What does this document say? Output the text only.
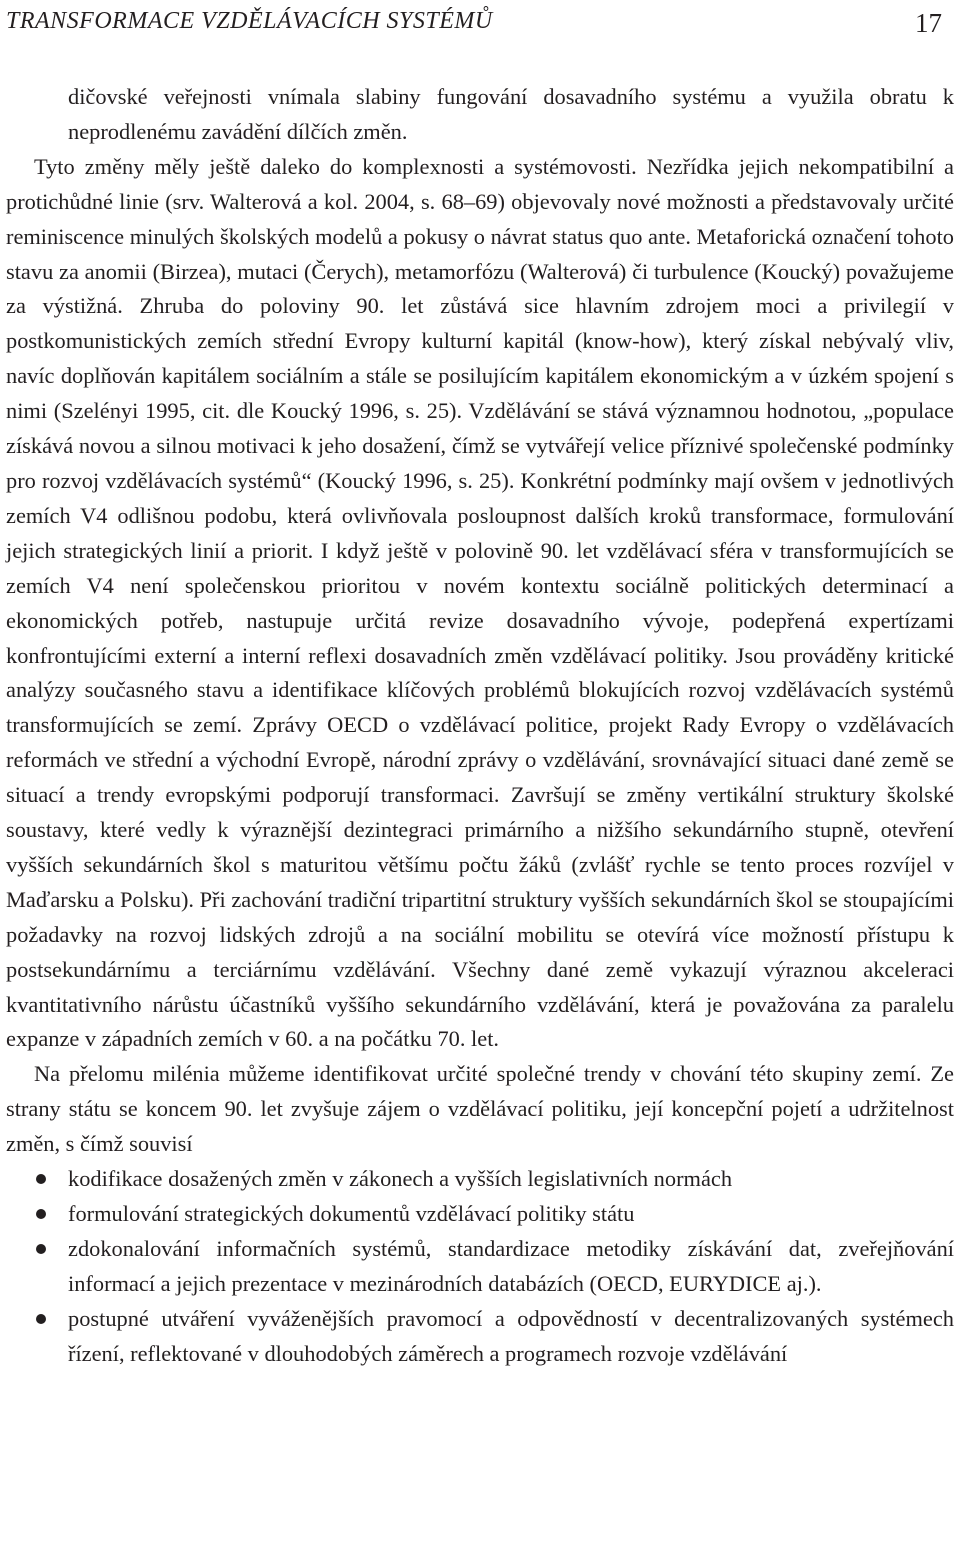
TRANSFORMACE VZDĚLÁVACÍCH SYSTÉMŮ	17

dičovské veřejnosti vnímala slabiny fungování dosavadního systému a využila obratu k neprodlenému zavádění dílčích změn.

Tyto změny měly ještě daleko do komplexnosti a systémovosti. Nezřídka jejich nekompatibilní a protichůdné linie (srv. Walterová a kol. 2004, s. 68–69) objevovaly nové možnosti a představovaly určité reminiscence minulých školských modelů a pokusy o návrat status quo ante. Metaforická označení tohoto stavu za anomii (Birzea), mutaci (Čerych), metamorfózu (Walterová) či turbulence (Koucký) považujeme za výstižná. Zhruba do poloviny 90. let zůstává sice hlavním zdrojem moci a privilegií v postkomunistických zemích střední Evropy kulturní kapitál (know-how), který získal nebývalý vliv, navíc doplňován kapitálem sociálním a stále se posilujícím kapitálem ekonomickým a v úzkém spojení s nimi (Szelényi 1995, cit. dle Koucký 1996, s. 25). Vzdělávání se stává významnou hodnotou, „populace získává novou a silnou motivaci k jeho dosažení, čímž se vytvářejí velice příznivé společenské podmínky pro rozvoj vzdělávacích systémů“ (Koucký 1996, s. 25). Konkrétní podmínky mají ovšem v jednotlivých zemích V4 odlišnou podobu, která ovlivňovala posloupnost dalších kroků transformace, formulování jejich strategických linií a priorit. I když ještě v polovině 90. let vzdělávací sféra v transformujících se zemích V4 není společenskou prioritou v novém kontextu sociálně politických determinací a ekonomických potřeb, nastupuje určitá revize dosavadního vývoje, podepřená expertízami konfrontujícími externí a interní reflexi dosavadních změn vzdělávací politiky. Jsou prováděny kritické analýzy současného stavu a identifikace klíčových problémů blokujících rozvoj vzdělávacích systémů transformujících se zemí. Zprávy OECD o vzdělávací politice, projekt Rady Evropy o vzdělávacích reformách ve střední a východní Evropě, národní zprávy o vzdělávání, srovnávající situaci dané země se situací a trendy evropskými podporují transformaci. Završují se změny vertikální struktury školské soustavy, které vedly k výraznější dezintegraci primárního a nižšího sekundárního stupně, otevření vyšších sekundárních škol s maturitou většímu počtu žáků (zvlášť rychle se tento proces rozvíjel v Maďarsku a Polsku). Při zachování tradiční tripartitní struktury vyšších sekundárních škol se stoupajícími požadavky na rozvoj lidských zdrojů a na sociální mobilitu se otevírá více možností přístupu k postsekundárnímu a terciárnímu vzdělávání. Všechny dané země vykazují výraznou akceleraci kvantitativního nárůstu účastníků vyššího sekundárního vzdělávání, která je považována za paralelu expanze v západních zemích v 60. a na počátku 70. let.

Na přelomu milénia můžeme identifikovat určité společné trendy v chování této skupiny zemí. Ze strany státu se koncem 90. let zvyšuje zájem o vzdělávací politiku, její koncepční pojetí a udržitelnost změn, s čímž souvisí

kodifikace dosažených změn v zákonech a vyšších legislativních normách
formulování strategických dokumentů vzdělávací politiky státu
zdokonalování informačních systémů, standardizace metodiky získávání dat, zveřejňování informací a jejich prezentace v mezinárodních databázích (OECD, EURYDICE aj.).
postupné utváření vyváženějších pravomocí a odpovědností v decentralizovaných systémech řízení, reflektované v dlouhodobých záměrech a programech rozvoje vzdělávání
